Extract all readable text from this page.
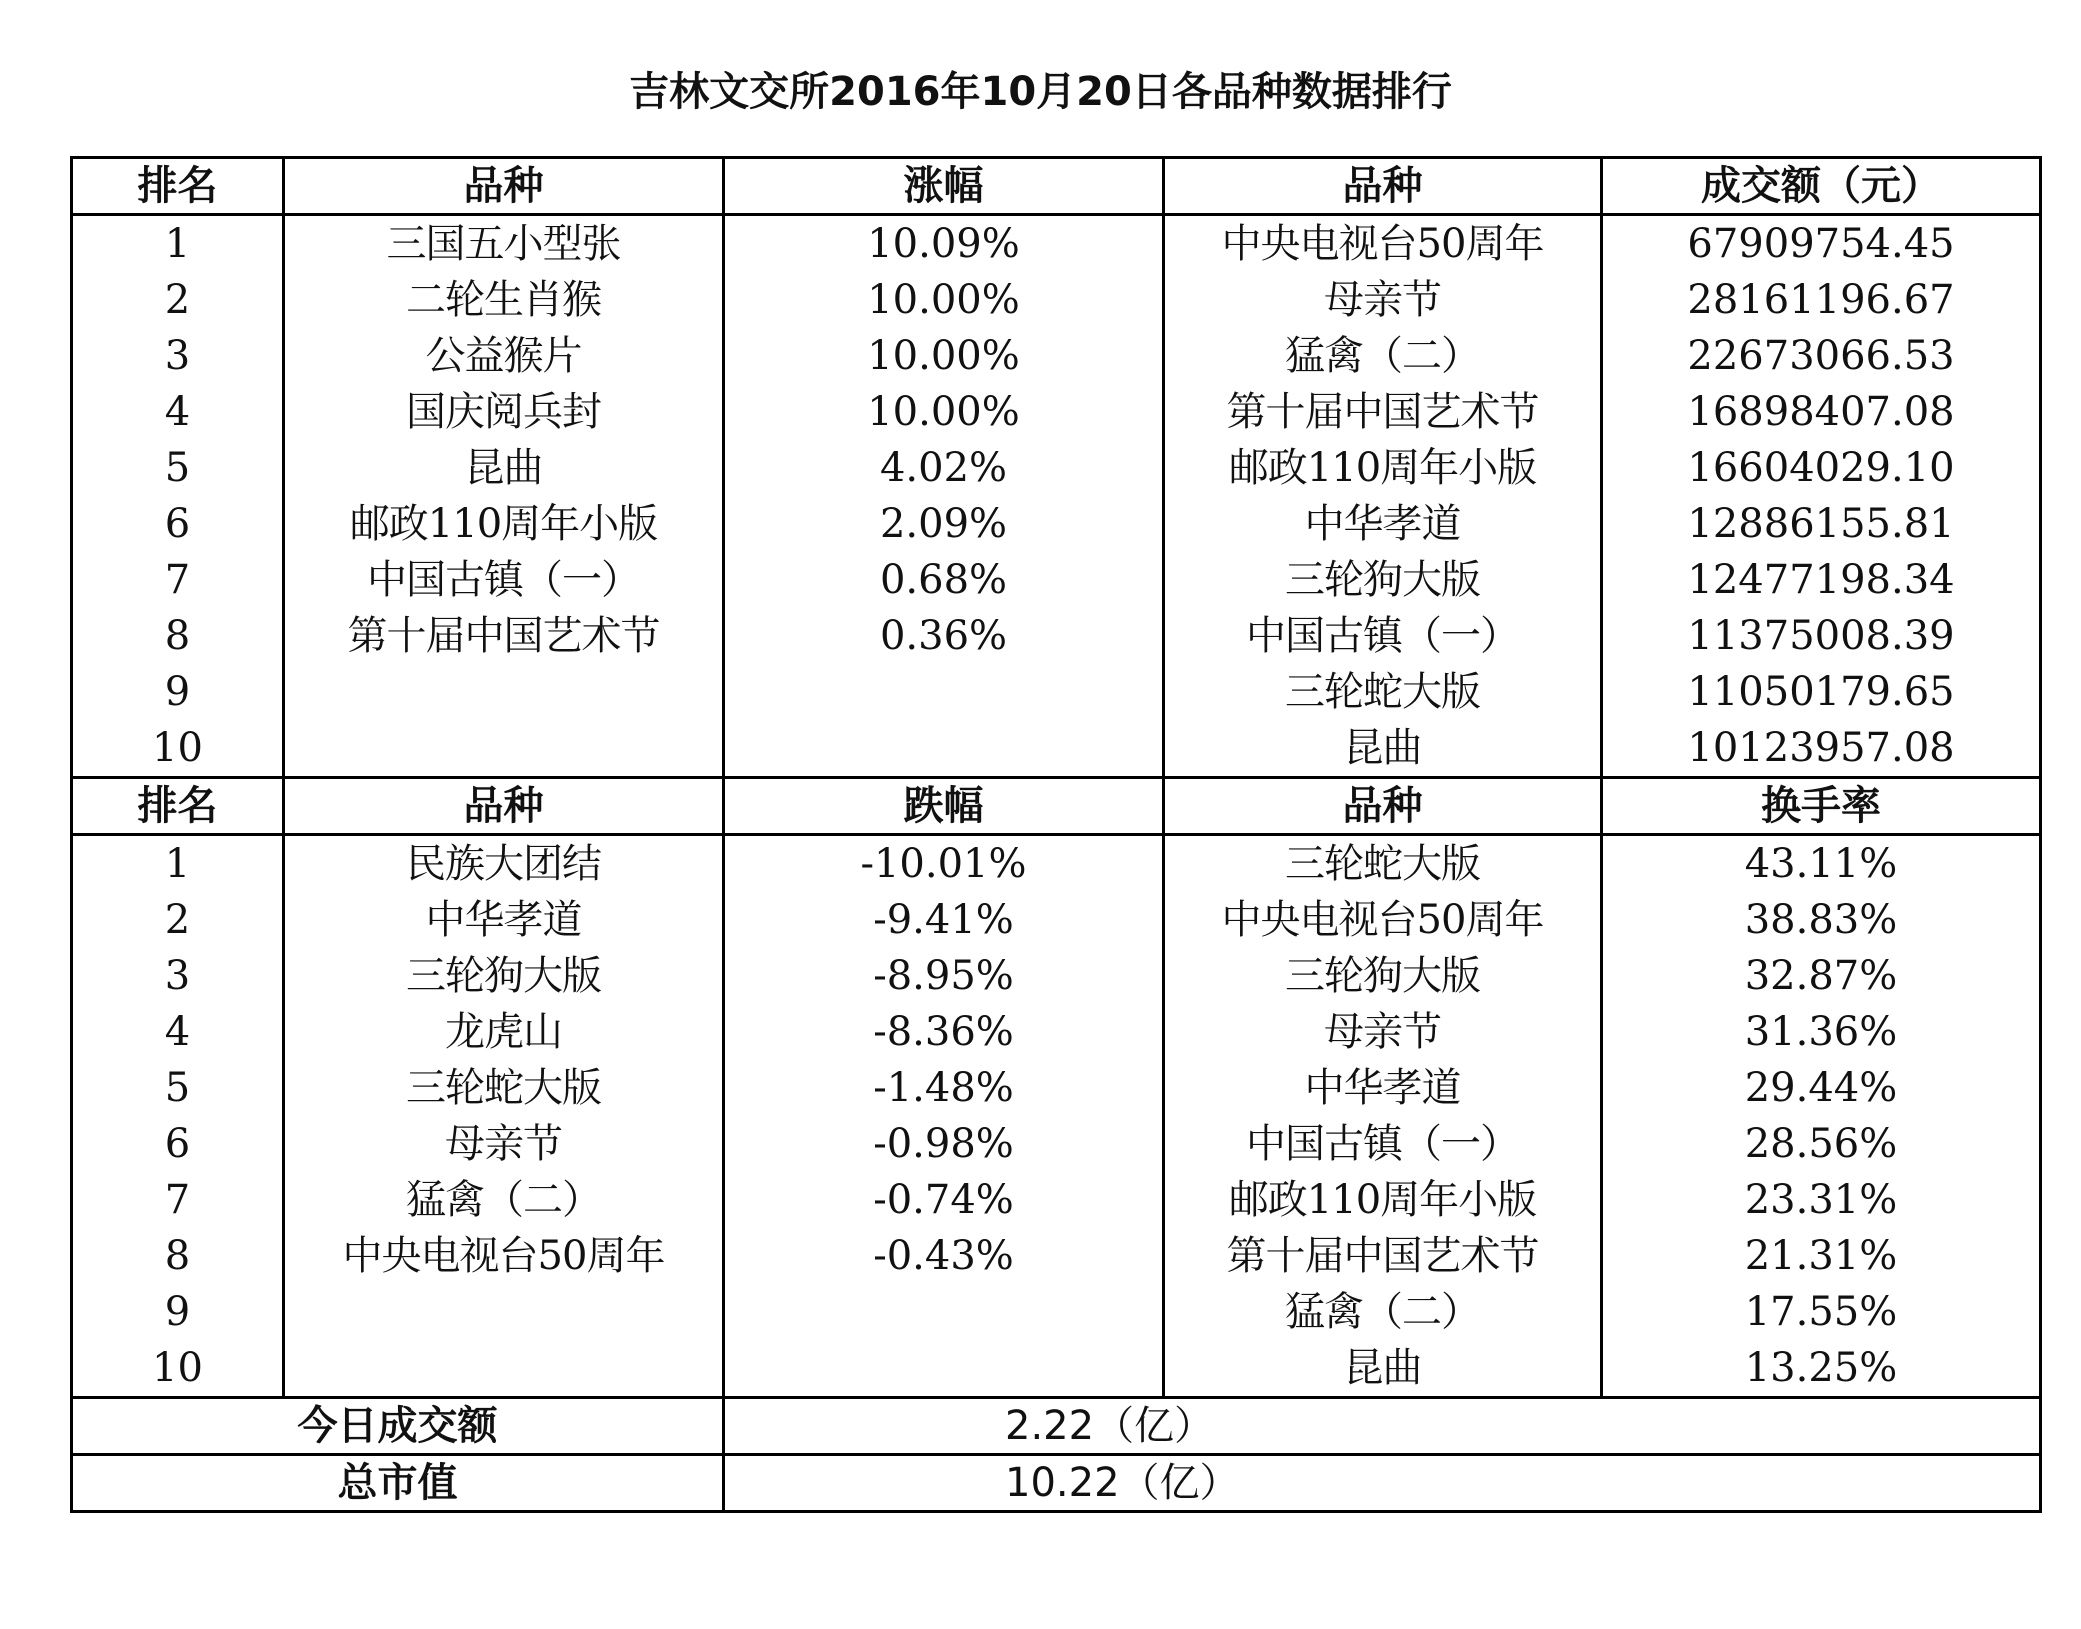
吉林文交所2016年10月20日各品种数据排行
排名	品种	涨幅	品种	成交额（元）
1	三国五小型张	10.09%	中央电视台50周年	67909754.45
2	二轮生肖猴	10.00%	母亲节	28161196.67
3	公益猴片	10.00%	猛禽（二）	22673066.53
4	国庆阅兵封	10.00%	第十届中国艺术节	16898407.08
5	昆曲	4.02%	邮政110周年小版	16604029.10
6	邮政110周年小版	2.09%	中华孝道	12886155.81
7	中国古镇（一）	0.68%	三轮狗大版	12477198.34
8	第十届中国艺术节	0.36%	中国古镇（一）	11375008.39
9			三轮蛇大版	11050179.65
10			昆曲	10123957.08
排名	品种	跌幅	品种	换手率
1	民族大团结	-10.01%	三轮蛇大版	43.11%
2	中华孝道	-9.41%	中央电视台50周年	38.83%
3	三轮狗大版	-8.95%	三轮狗大版	32.87%
4	龙虎山	-8.36%	母亲节	31.36%
5	三轮蛇大版	-1.48%	中华孝道	29.44%
6	母亲节	-0.98%	中国古镇（一）	28.56%
7	猛禽（二）	-0.74%	邮政110周年小版	23.31%
8	中央电视台50周年	-0.43%	第十届中国艺术节	21.31%
9			猛禽（二）	17.55%
10			昆曲	13.25%
今日成交额		2.22（亿）		
总市值		10.22（亿）		
